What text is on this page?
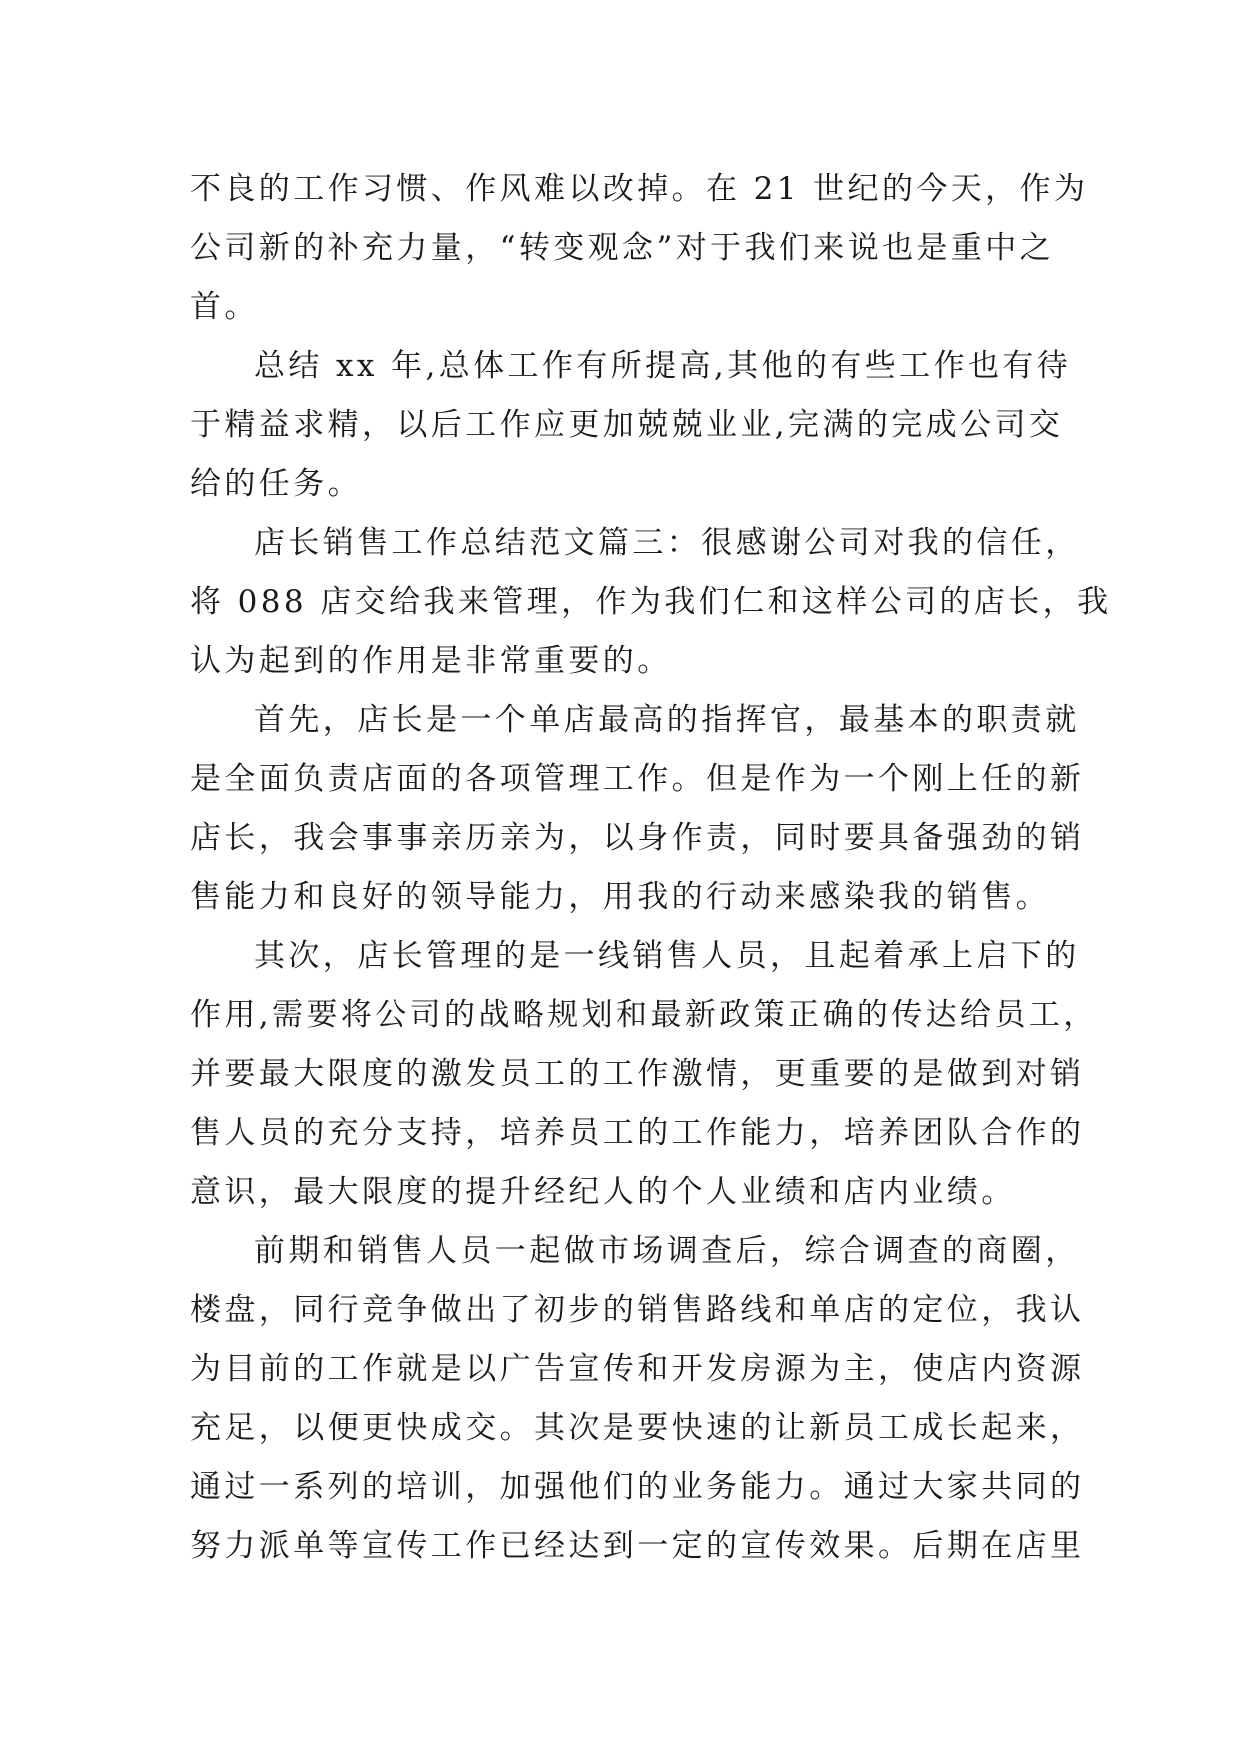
不良的工作习惯、作风难以改掉。在 21 世纪的今天，作为
公司新的补充力量，“转变观念”对于我们来说也是重中之
首。
总结 xx 年,总体工作有所提高,其他的有些工作也有待
于精益求精，以后工作应更加兢兢业业,完满的完成公司交
给的任务。
店长销售工作总结范文篇三：很感谢公司对我的信任，
将 088 店交给我来管理，作为我们仁和这样公司的店长，我
认为起到的作用是非常重要的。
首先，店长是一个单店最高的指挥官，最基本的职责就
是全面负责店面的各项管理工作。但是作为一个刚上任的新
店长，我会事事亲历亲为，以身作责，同时要具备强劲的销
售能力和良好的领导能力，用我的行动来感染我的销售。
其次，店长管理的是一线销售人员，且起着承上启下的
作用,需要将公司的战略规划和最新政策正确的传达给员工，
并要最大限度的激发员工的工作激情，更重要的是做到对销
售人员的充分支持，培养员工的工作能力，培养团队合作的
意识，最大限度的提升经纪人的个人业绩和店内业绩。
前期和销售人员一起做市场调查后，综合调查的商圈，
楼盘，同行竞争做出了初步的销售路线和单店的定位，我认
为目前的工作就是以广告宣传和开发房源为主，使店内资源
充足，以便更快成交。其次是要快速的让新员工成长起来，
通过一系列的培训，加强他们的业务能力。通过大家共同的
努力派单等宣传工作已经达到一定的宣传效果。后期在店里
